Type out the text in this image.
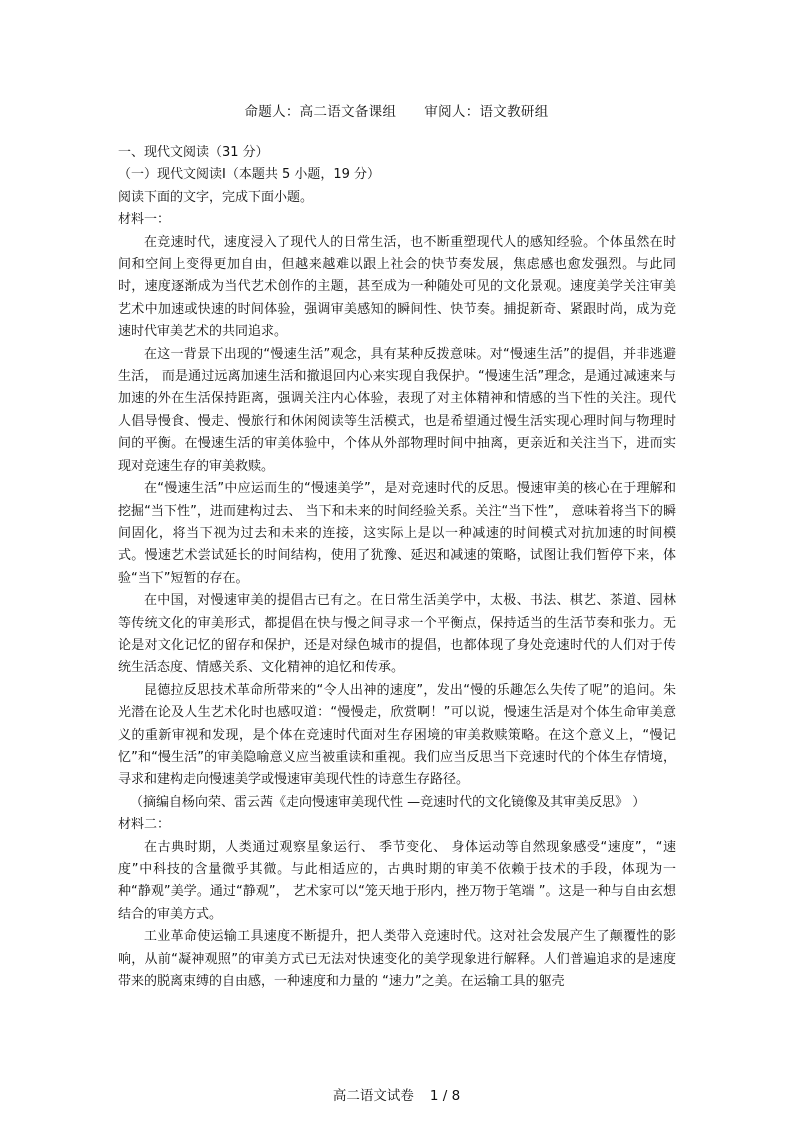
命题人：高二语文备课组 审阅人：语文教研组

一、现代文阅读（31 分）

（一）现代文阅读Ⅰ（本题共 5 小题，19 分）

阅读下面的文字，完成下面小题。

材料一：

在竞速时代，速度浸入了现代人的日常生活，也不断重塑现代人的感知经验。个体虽然在时间和空间上变得更加自由，但越来越难以跟上社会的快节奏发展，焦虑感也愈发强烈。与此同时，速度逐渐成为当代艺术创作的主题，甚至成为一种随处可见的文化景观。速度美学关注审美艺术中加速或快速的时间体验，强调审美感知的瞬间性、快节奏。捕捉新奇、紧跟时尚，成为竞速时代审美艺术的共同追求。

在这一背景下出现的“慢速生活”观念，具有某种反拨意味。对“慢速生活”的提倡，并非逃避生活， 而是通过远离加速生活和撤退回内心来实现自我保护。“慢速生活”理念，是通过减速来与加速的外在生活保持距离，强调关注内心体验，表现了对主体精神和情感的当下性的关注。现代人倡导慢食、慢走、慢旅行和休闲阅读等生活模式，也是希望通过慢生活实现心理时间与物理时间的平衡。在慢速生活的审美体验中，个体从外部物理时间中抽离，更亲近和关注当下，进而实现对竞速生存的审美救赎。

在“慢速生活”中应运而生的“慢速美学”，是对竞速时代的反思。慢速审美的核心在于理解和挖掘“当下性”，进而建构过去、 当下和未来的时间经验关系。关注“当下性”， 意味着将当下的瞬间固化，将当下视为过去和未来的连接，这实际上是以一种减速的时间模式对抗加速的时间模式。慢速艺术尝试延长的时间结构，使用了犹豫、延迟和减速的策略，试图让我们暂停下来，体验“当下”短暂的存在。

在中国，对慢速审美的提倡古已有之。在日常生活美学中，太极、书法、棋艺、茶道、园林等传统文化的审美形式，都提倡在快与慢之间寻求一个平衡点，保持适当的生活节奏和张力。无论是对文化记忆的留存和保护，还是对绿色城市的提倡，也都体现了身处竞速时代的人们对于传统生活态度、情感关系、文化精神的追忆和传承。

昆德拉反思技术革命所带来的“令人出神的速度”，发出“慢的乐趣怎么失传了呢”的追问。朱光潜在论及人生艺术化时也感叹道：“慢慢走，欣赏啊！”可以说，慢速生活是对个体生命审美意义的重新审视和发现，是个体在竞速时代面对生存困境的审美救赎策略。在这个意义上，“慢记忆”和“慢生活”的审美隐喻意义应当被重读和重视。我们应当反思当下竞速时代的个体生存情境，寻求和建构走向慢速美学或慢速审美现代性的诗意生存路径。

（摘编自杨向荣、雷云茜《走向慢速审美现代性 —竞速时代的文化镜像及其审美反思》 ）

材料二：

在古典时期，人类通过观察星象运行、 季节变化、 身体运动等自然现象感受“速度”，“速度”中科技的含量微乎其微。与此相适应的，古典时期的审美不依赖于技术的手段，体现为一种“静观”美学。通过“静观”， 艺术家可以“笼天地于形内，挫万物于笔端 ”。这是一种与自由玄想结合的审美方式。

工业革命使运输工具速度不断提升，把人类带入竞速时代。这对社会发展产生了颠覆性的影响，从前“凝神观照”的审美方式已无法对快速变化的美学现象进行解释。人们普遍追求的是速度带来的脱离束缚的自由感，一种速度和力量的 “速力”之美。在运输工具的躯壳

高二语文试卷 1 / 8
